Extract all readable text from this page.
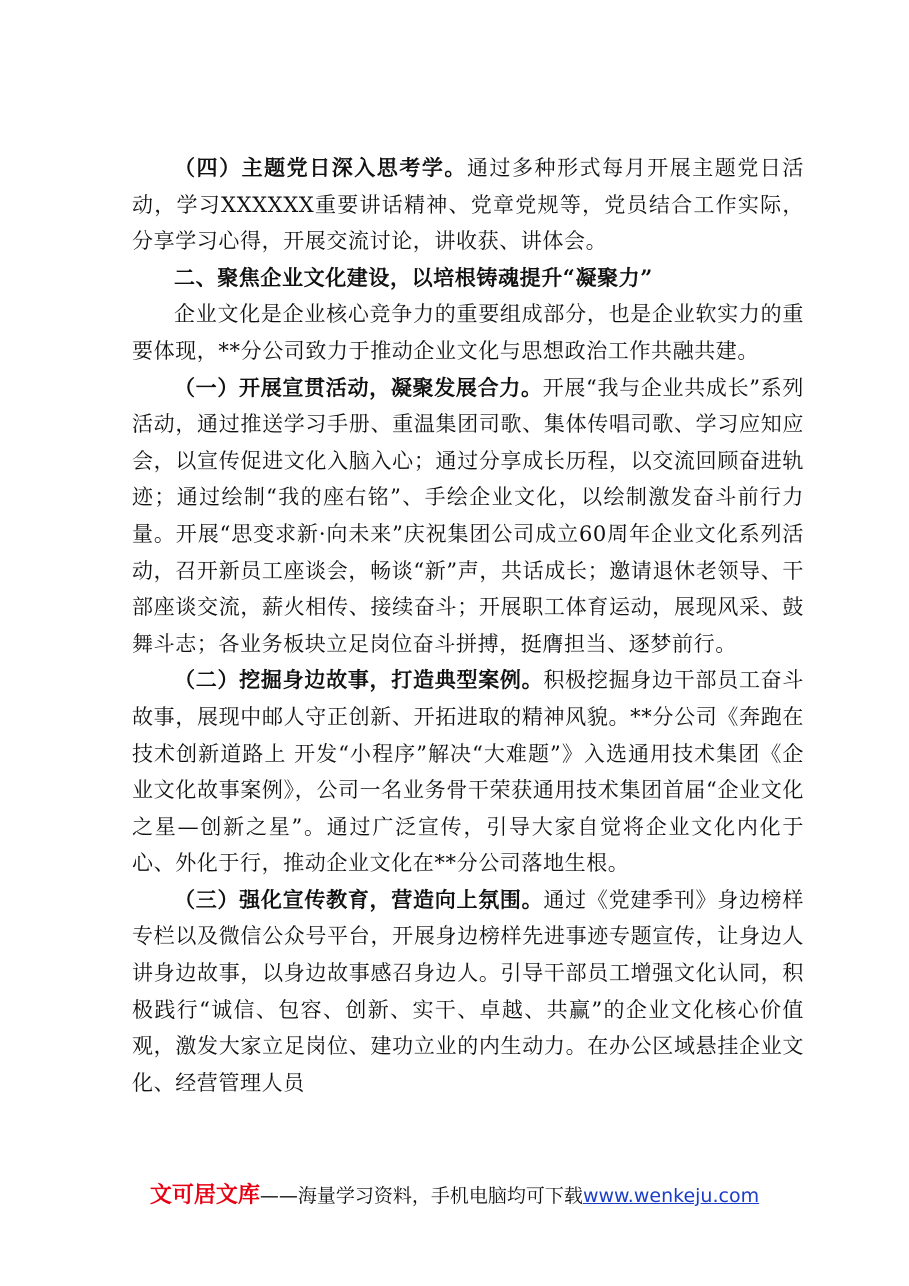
（四）主题党日深入思考学。通过多种形式每月开展主题党日活动，学习XXXXXX重要讲话精神、党章党规等，党员结合工作实际，分享学习心得，开展交流讨论，讲收获、讲体会。

二、聚焦企业文化建设，以培根铸魂提升“凝聚力”

企业文化是企业核心竞争力的重要组成部分，也是企业软实力的重要体现，**分公司致力于推动企业文化与思想政治工作共融共建。

（一）开展宣贯活动，凝聚发展合力。开展“我与企业共成长”系列活动，通过推送学习手册、重温集团司歌、集体传唱司歌、学习应知应会，以宣传促进文化入脑入心；通过分享成长历程，以交流回顾奋进轨迹；通过绘制“我的座右铭”、手绘企业文化，以绘制激发奋斗前行力量。开展“思变求新·向未来”庆祝集团公司成立60周年企业文化系列活动，召开新员工座谈会，畅谈“新”声，共话成长；邀请退休老领导、干部座谈交流，薪火相传、接续奋斗；开展职工体育运动，展现风采、鼓舞斗志；各业务板块立足岗位奋斗拼搏，挺膺担当、逐梦前行。

（二）挖掘身边故事，打造典型案例。积极挖掘身边干部员工奋斗故事，展现中邮人守正创新、开拓进取的精神风貌。**分公司《奔跑在技术创新道路上 开发“小程序”解决“大难题”》入选通用技术集团《企业文化故事案例》，公司一名业务骨干荣获通用技术集团首届“企业文化之星—创新之星”。通过广泛宣传，引导大家自觉将企业文化内化于心、外化于行，推动企业文化在**分公司落地生根。

（三）强化宣传教育，营造向上氛围。通过《党建季刊》身边榜样专栏以及微信公众号平台，开展身边榜样先进事迹专题宣传，让身边人讲身边故事，以身边故事感召身边人。引导干部员工增强文化认同，积极践行“诚信、包容、创新、实干、卓越、共赢”的企业文化核心价值观，激发大家立足岗位、建功立业的内生动力。在办公区域悬挂企业文化、经营管理人员

文可居文库——海量学习资料，手机电脑均可下载www.wenkeju.com
